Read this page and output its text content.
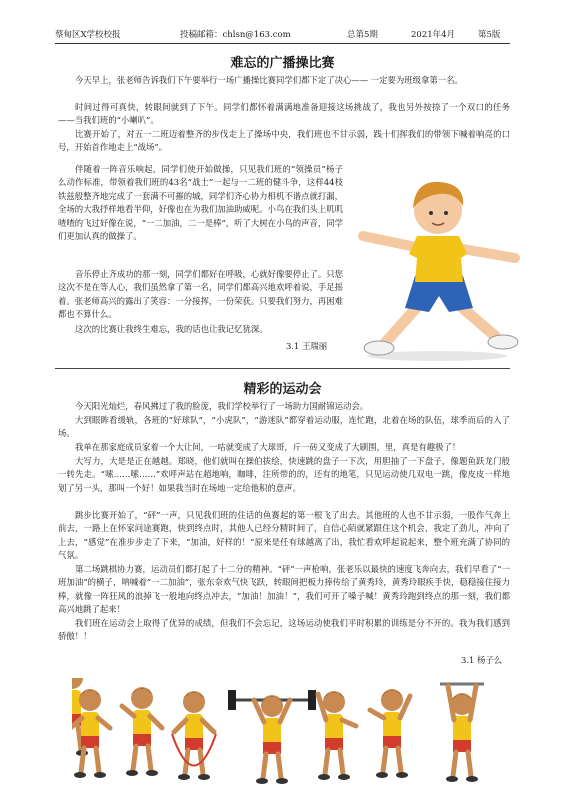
蔡甸区X学校校报	投稿邮箱：chlsn@163.com	总第5期	2021年4月	第5版
难忘的广播操比赛

今天早上，张老师告诉我们下午要举行一场广播操比赛同学们都下定了决心—— 一定要为班级拿第一名。

时间过得可真快，转眼间就到了下午。同学们都怀着满满地准备迎接这场挑战了，我也另外按捺了一个双口的任务——当我们班的“小喇叭”。

比赛开始了，对五一二班迈着整齐的步伐走上了操场中央，我们班也不甘示弱，践十们挥我们的带领下喊着响亮的口号，开始首作地走上“战场”。

伴随着一阵音乐响起，同学们使开始做操，只见我们班的“领操员”杨子么动作标准，带领着我们班的43名“战士”一起与一二班的健斗争，这样44枝铁兹般整齐地完成了一套满不可摧的城，同学们齐心协力相机不谐点就打漏，全场的大我抒样地看半仰，好像也在为我们加油助威呢。小鸟在我们头上叽叽喳喳的飞过好像在说，“一二加油，二一是棒”，听了大树在小鸟的声音，同学们更加认真的做操了。

音乐停止齐成功的那一刻，同学们都好在呼吸，心就好像要停止了。只您这次不是在等人心，我们虽然拿了第一名，同学们都高兴地欢呼着说，手足摇着。张老师高兴的露出了笑容：一分接挥，一份荣获。只要我们努力，再困难都也不算什么。

这次的比赛让我终生难忘，我的话也让我记忆犹深。

3.1 王瑞丽
精彩的运动会

今天阳光灿烂，春风拂过了我的脸庞，我们学校举行了一场助力国耐锦运动会。

大到眼眸看缓轨，各班的“好球队”，“小虎队”，“游迷队”都穿着运动服，连忙跑，北着在场的队伍，球季而后的入了场。

我单在那家庭成员家着一个大让间，一咕就变成了大球哥，斤一砖又变成了大刷围，里，真是有趣极了！

大写力，大是是正在越越。郑晓，他们就叫在操伯拔绘，快速跳的盘子一下次，用胆抽了一下盘子，像题鱼跃龙门般一转先走。“嗦……嗦……”欢呼声站在超地响，咖啡，注所带的的，还有的地笔，只见运动使几双电一跳，像皮皮一样地划了另一头，那叫一个好！如果我当时在场地一定给他积的意声。

跳步比赛开始了，“砰”一声，只见我们班的住话的鱼赛起的第一根飞了出去。其他班的人也不甘示弱，一股作气奔上前去，一路上在怀家问途赛跑，快到终点时，其他人已经分精时间了，自信心陌就紧跟住这个机会，我定了劲儿，冲向了上去，“感觉”在准步步走了下来，“加油，好样的！”原来是任有球越离了出，我忙看欢呼起说起来，整个班充满了协同的气氛。

第二场跳棋协力赛，运动员们都打起了十二分的精神。“砰”一声枪响，张老乐以最快的速度飞奔向去，我们早看了“一班加油”的横子，呐喊着“一二加油”，张东奈欢气快飞跃，转眼间把板力捧传给了黄秀玲，黄秀玲眼疾手快，稳稳接住接力棒，就像一阵狂风的浪掉飞一般地向终点冲去，“加油！加油！”，我们可开了嗓子喊！黄秀玲跑到终点的那一刻，我们都高兴地跳了起来！

我们班在运动会上取得了优异的成绩，但我们不会忘记，这场运动使我们平时积累的训练是分不开的。我为我们感到骄傲！！

3.1 杨子么
